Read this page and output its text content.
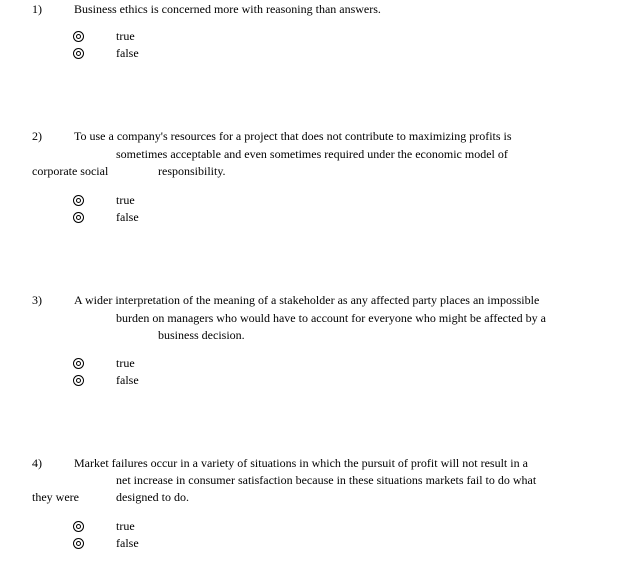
1)	Business ethics is concerned more with reasoning than answers.
true
false
2)	To use a company's resources for a project that does not contribute to maximizing profits is
sometimes acceptable and even sometimes required under the economic model of
corporate social	responsibility.
true
false
3)	A wider interpretation of the meaning of a stakeholder as any affected party places an impossible
burden on managers who would have to account for everyone who might be affected by a
business decision.
true
false
4)	Market failures occur in a variety of situations in which the pursuit of profit will not result in a
net increase in consumer satisfaction because in these situations markets fail to do what
they were	designed to do.
true
false
